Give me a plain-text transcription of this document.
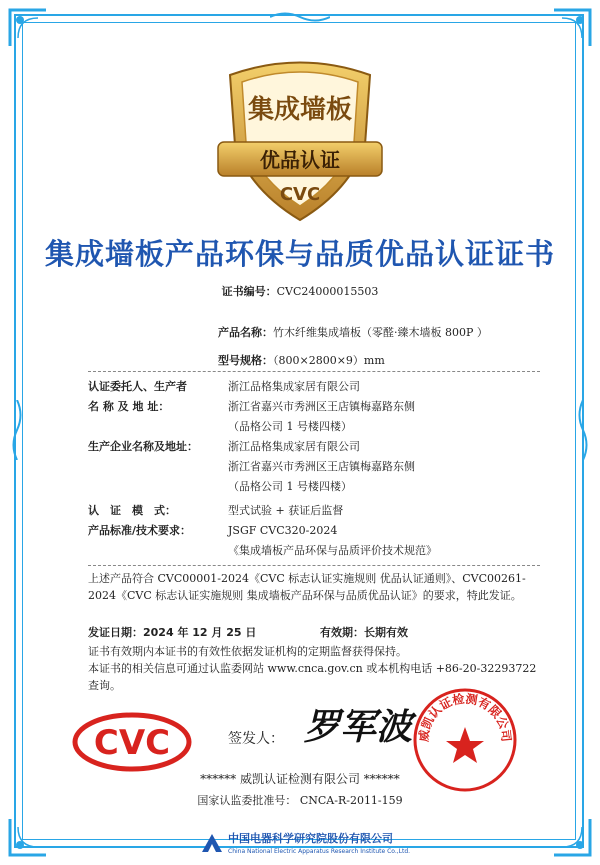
集成墙板
优品认证
CVC
集成墙板产品环保与品质优品认证证书
证书编号：CVC24000015503
产品名称：竹木纤维集成墙板（零醛·臻木墙板 800P ）
型号规格：（800×2800×9）mm
认证委托人、生产者	浙江品格集成家居有限公司
名 称 及 地 址：	浙江省嘉兴市秀洲区王店镇梅嘉路东侧
（品格公司 1 号楼四楼）
生产企业名称及地址：	浙江品格集成家居有限公司
浙江省嘉兴市秀洲区王店镇梅嘉路东侧
（品格公司 1 号楼四楼）
认　证　模　式：	型式试验 + 获证后监督
产品标准/技术要求：	JSGF CVC320-2024
《集成墙板产品环保与品质评价技术规范》
上述产品符合 CVC00001-2024《CVC 标志认证实施规则 优品认证通则》、CVC00261-2024《CVC 标志认证实施规则 集成墙板产品环保与品质优品认证》的要求，特此发证。
发证日期：2024 年 12 月 25 日	有效期：长期有效
证书有效期内本证书的有效性依据发证机构的定期监督获得保持。
本证书的相关信息可通过认监委网站 www.cnca.gov.cn 或本机构电话 +86-20-32293722 查询。
CVC	签发人： 罗军波 威凯认证检测有限公司
****** 威凯认证检测有限公司 ******
国家认监委批准号： CNCA-R-2011-159
中国电器科学研究院股份有限公司
China National Electric Apparatus Research Institute Co.,Ltd.
